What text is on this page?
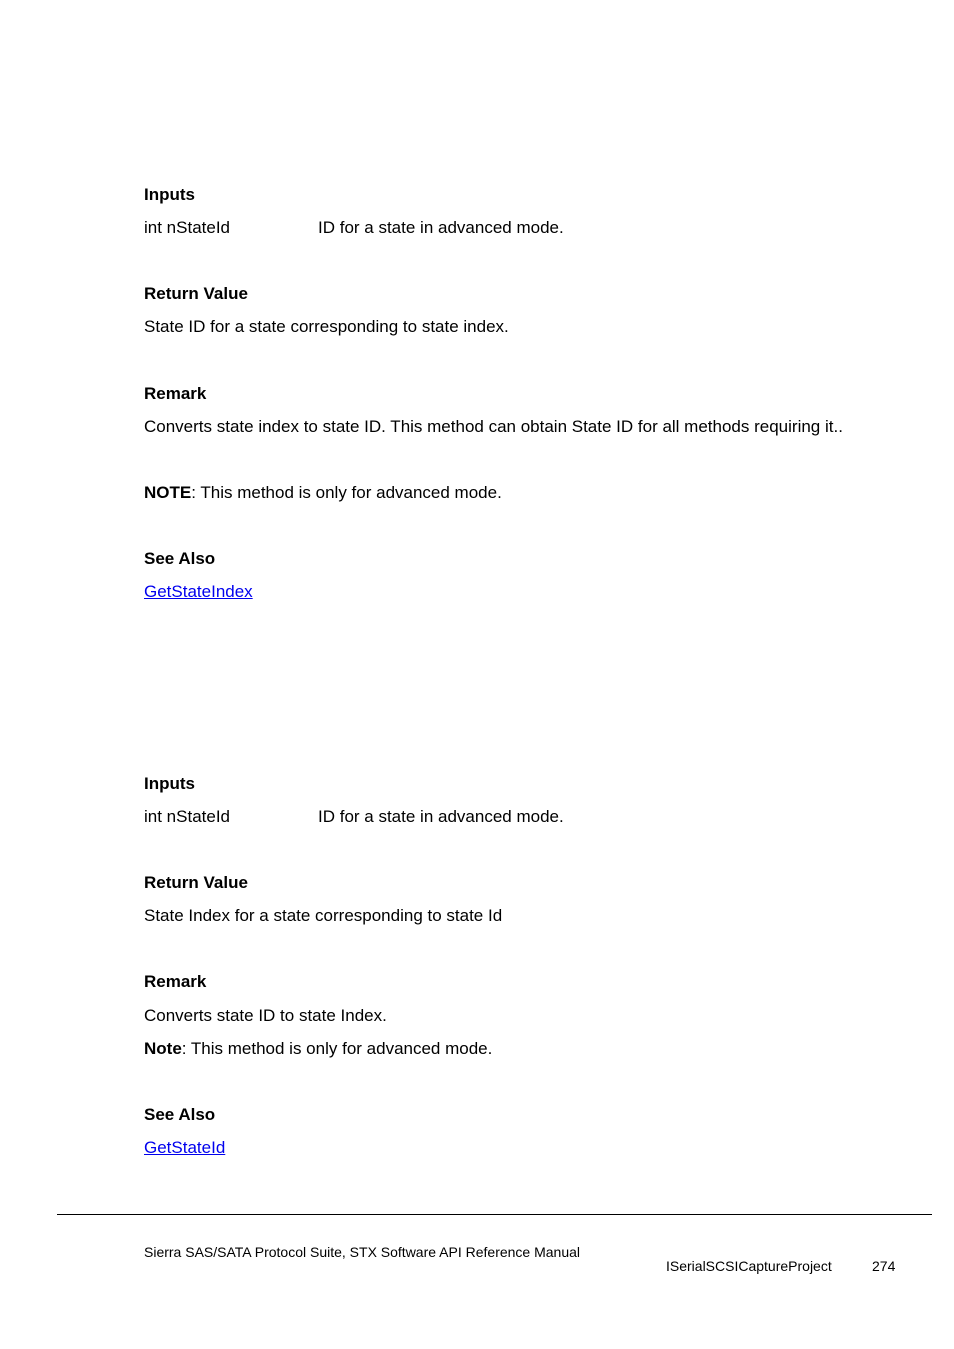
Inputs
int nStateId	ID for a state in advanced mode.
Return Value
State ID for a state corresponding to state index.
Remark
Converts state index to state ID. This method can obtain State ID for all methods requiring it..
NOTE: This method is only for advanced mode.
See Also
GetStateIndex
Inputs
int nStateId	ID for a state in advanced mode.
Return Value
State Index for a state corresponding to state Id
Remark
Converts state ID to state Index.
Note: This method is only for advanced mode.
See Also
GetStateId
Sierra SAS/SATA Protocol Suite, STX Software API Reference Manual
ISerialSCSICaptureProject	274
